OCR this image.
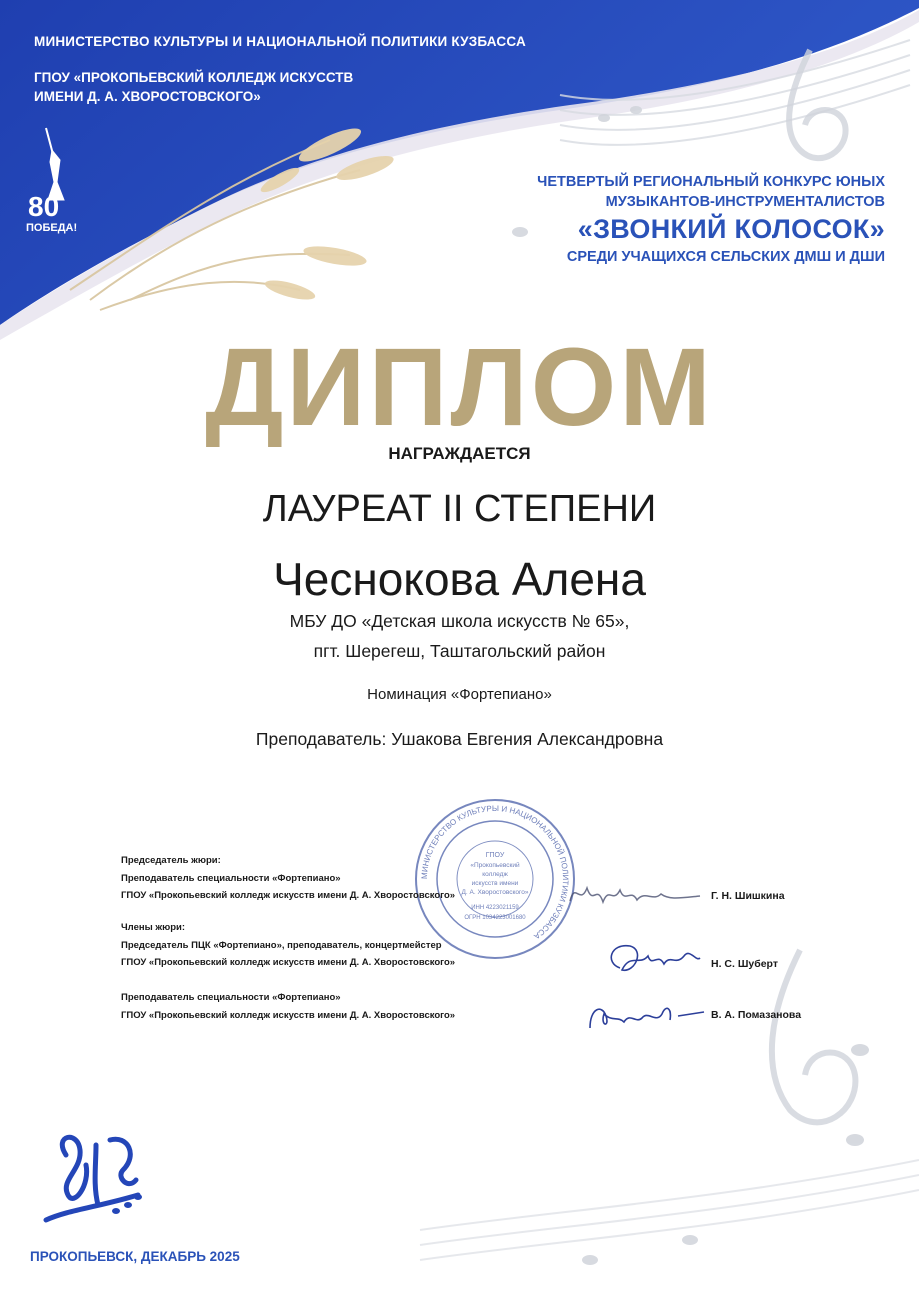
МИНИСТЕРСТВО КУЛЬТУРЫ И НАЦИОНАЛЬНОЙ ПОЛИТИКИ КУЗБАССА
ГПОУ «ПРОКОПЬЕВСКИЙ КОЛЛЕДЖ ИСКУССТВ
ИМЕНИ Д. А. ХВОРОСТОВСКОГО»
80
ПОБЕДА!
ЧЕТВЕРТЫЙ РЕГИОНАЛЬНЫЙ КОНКУРС ЮНЫХ
МУЗЫКАНТОВ-ИНСТРУМЕНТАЛИСТОВ
«ЗВОНКИЙ КОЛОСОК»
СРЕДИ УЧАЩИХСЯ СЕЛЬСКИХ ДМШ И ДШИ
ДИПЛОМ
НАГРАЖДАЕТСЯ
ЛАУРЕАТ II СТЕПЕНИ
Чеснокова Алена
МБУ ДО «Детская школа искусств № 65»,
пгт. Шерегеш, Таштагольский район
Номинация «Фортепиано»
Преподаватель: Ушакова Евгения Александровна
МИНИСТЕРСТВО КУЛЬТУРЫ И НАЦИОНАЛЬНОЙ ПОЛИТИКИ КУЗБАССА
ГПОУ
«Прокопьевский
колледж
искусств имени
Д. А. Хворостовского»
ИНН 4223021159
ОГРН 1034223001680
Председатель жюри:
Преподаватель специальности «Фортепиано»
ГПОУ «Прокопьевский колледж искусств имени Д. А. Хворостовского»
Члены жюри:
Председатель ПЦК «Фортепиано», преподаватель, концертмейстер
ГПОУ «Прокопьевский колледж искусств имени Д. А. Хворостовского»
Преподаватель специальности «Фортепиано»
ГПОУ «Прокопьевский колледж искусств имени Д. А. Хворостовского»
Г. Н. Шишкина
Н. С. Шуберт
В. А. Помазанова
ПРОКОПЬЕВСК, ДЕКАБРЬ 2025
